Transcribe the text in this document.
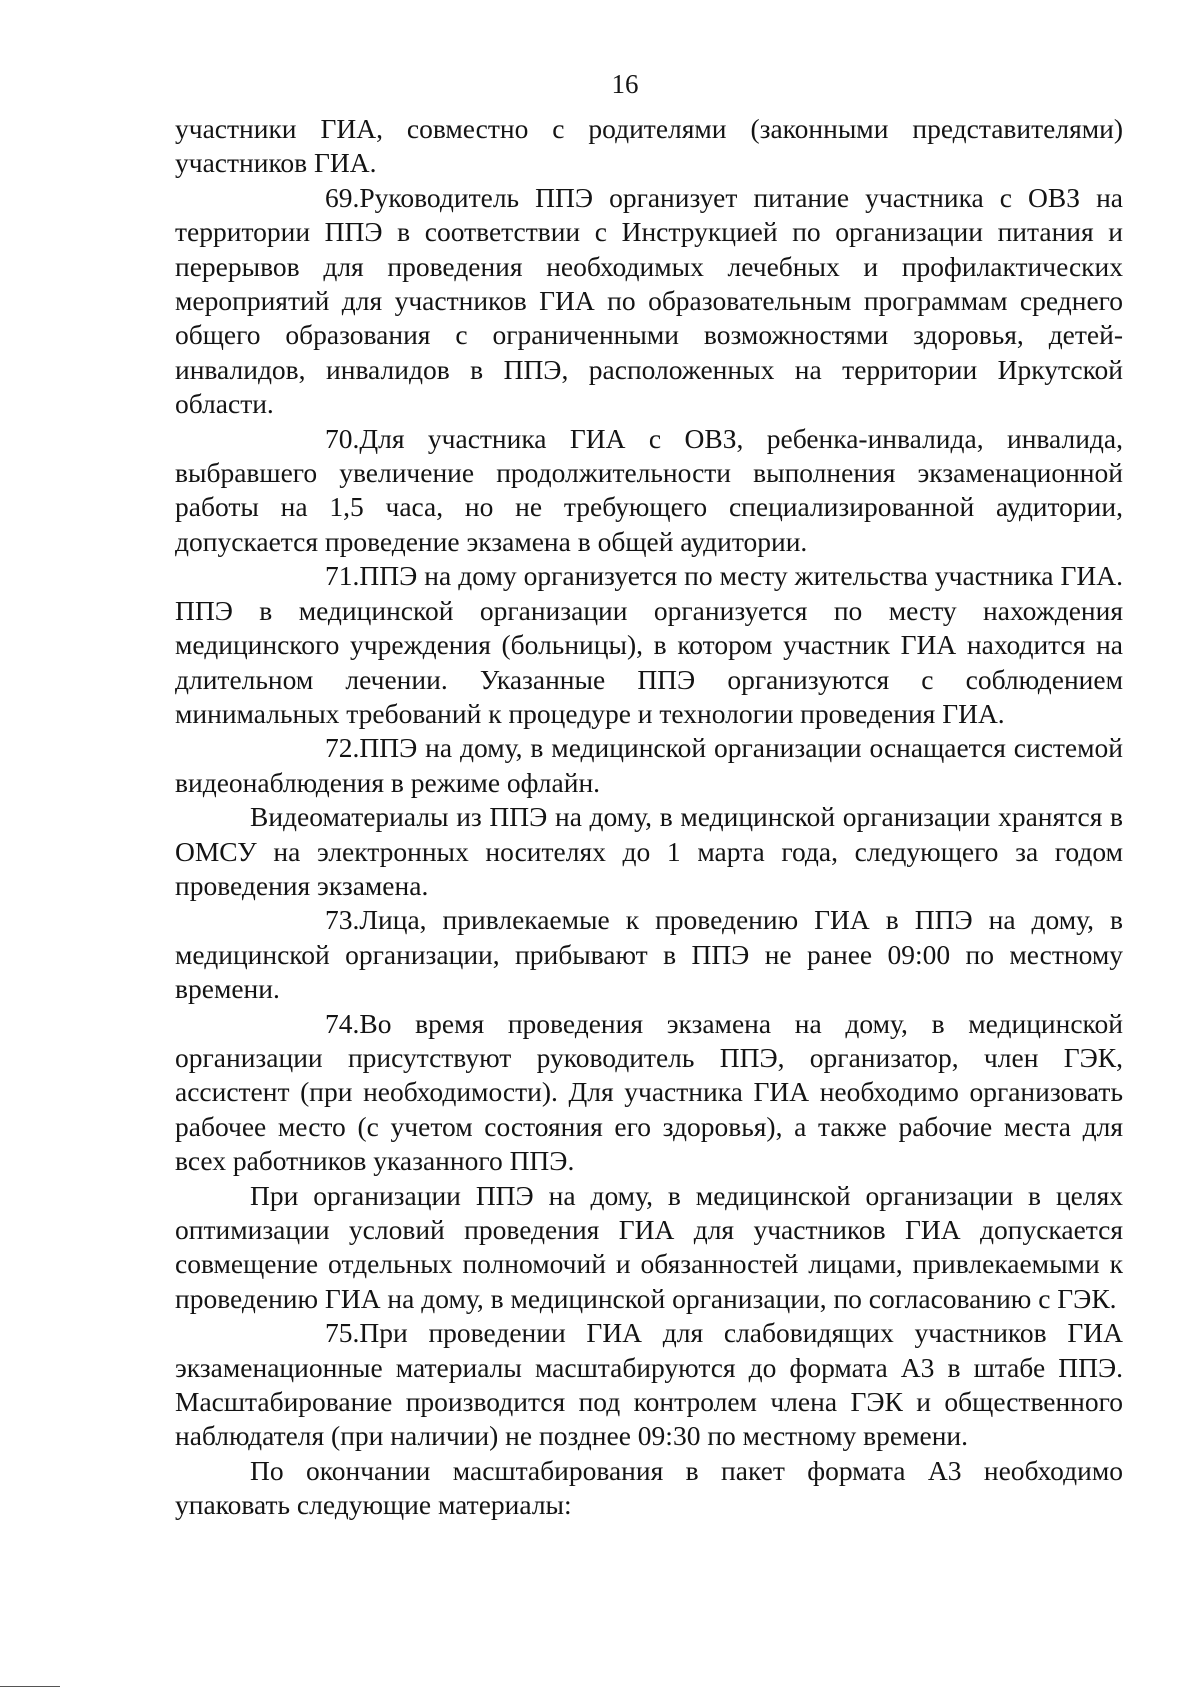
16

участники ГИА, совместно с родителями (законными представителями) участников ГИА.

69.Руководитель ППЭ организует питание участника с ОВЗ на территории ППЭ в соответствии с Инструкцией по организации питания и перерывов для проведения необходимых лечебных и профилактических мероприятий для участников ГИА по образовательным программам среднего общего образования с ограниченными возможностями здоровья, детей-инвалидов, инвалидов в ППЭ, расположенных на территории Иркутской области.

70.Для участника ГИА с ОВЗ, ребенка-инвалида, инвалида, выбравшего увеличение продолжительности выполнения экзаменационной работы на 1,5 часа, но не требующего специализированной аудитории, допускается проведение экзамена в общей аудитории.

71.ППЭ на дому организуется по месту жительства участника ГИА. ППЭ в медицинской организации организуется по месту нахождения медицинского учреждения (больницы), в котором участник ГИА находится на длительном лечении. Указанные ППЭ организуются с соблюдением минимальных требований к процедуре и технологии проведения ГИА.

72.ППЭ на дому, в медицинской организации оснащается системой видеонаблюдения в режиме офлайн.

Видеоматериалы из ППЭ на дому, в медицинской организации хранятся в ОМСУ на электронных носителях до 1 марта года, следующего за годом проведения экзамена.

73.Лица, привлекаемые к проведению ГИА в ППЭ на дому, в медицинской организации, прибывают в ППЭ не ранее 09:00 по местному времени.

74.Во время проведения экзамена на дому, в медицинской организации присутствуют руководитель ППЭ, организатор, член ГЭК, ассистент (при необходимости). Для участника ГИА необходимо организовать рабочее место (с учетом состояния его здоровья), а также рабочие места для всех работников указанного ППЭ.

При организации ППЭ на дому, в медицинской организации в целях оптимизации условий проведения ГИА для участников ГИА допускается совмещение отдельных полномочий и обязанностей лицами, привлекаемыми к проведению ГИА на дому, в медицинской организации, по согласованию с ГЭК.

75.При проведении ГИА для слабовидящих участников ГИА экзаменационные материалы масштабируются до формата А3 в штабе ППЭ. Масштабирование производится под контролем члена ГЭК и общественного наблюдателя (при наличии) не позднее 09:30 по местному времени.

По окончании масштабирования в пакет формата А3 необходимо упаковать следующие материалы:
